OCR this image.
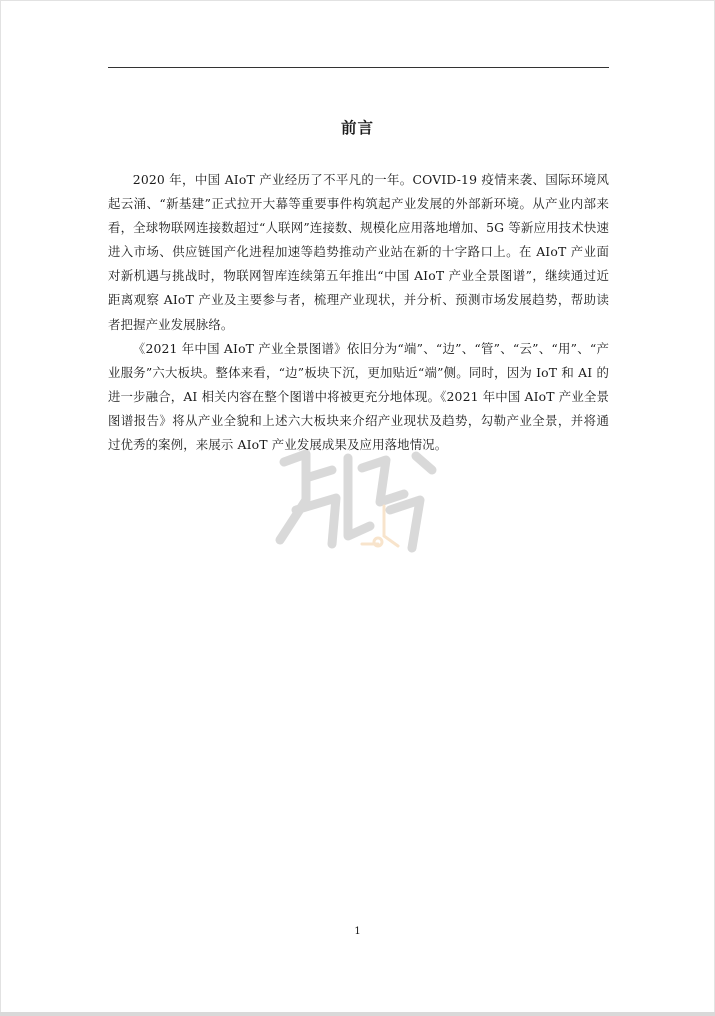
前言

2020 年，中国 AIoT 产业经历了不平凡的一年。COVID-19 疫情来袭、国际环境风起云涌、“新基建”正式拉开大幕等重要事件构筑起产业发展的外部新环境。从产业内部来看，全球物联网连接数超过“人联网”连接数、规模化应用落地增加、5G 等新应用技术快速进入市场、供应链国产化进程加速等趋势推动产业站在新的十字路口上。在 AIoT 产业面对新机遇与挑战时，物联网智库连续第五年推出“中国 AIoT 产业全景图谱”，继续通过近距离观察 AIoT 产业及主要参与者，梳理产业现状，并分析、预测市场发展趋势，帮助读者把握产业发展脉络。

《2021 年中国 AIoT 产业全景图谱》依旧分为“端”、“边”、“管”、“云”、“用”、“产业服务”六大板块。整体来看，“边”板块下沉，更加贴近“端”侧。同时，因为 IoT 和 AI 的进一步融合，AI 相关内容在整个图谱中将被更充分地体现。《2021 年中国 AIoT 产业全景图谱报告》将从产业全貌和上述六大板块来介绍产业现状及趋势，勾勒产业全景，并将通过优秀的案例，来展示 AIoT 产业发展成果及应用落地情况。

1
